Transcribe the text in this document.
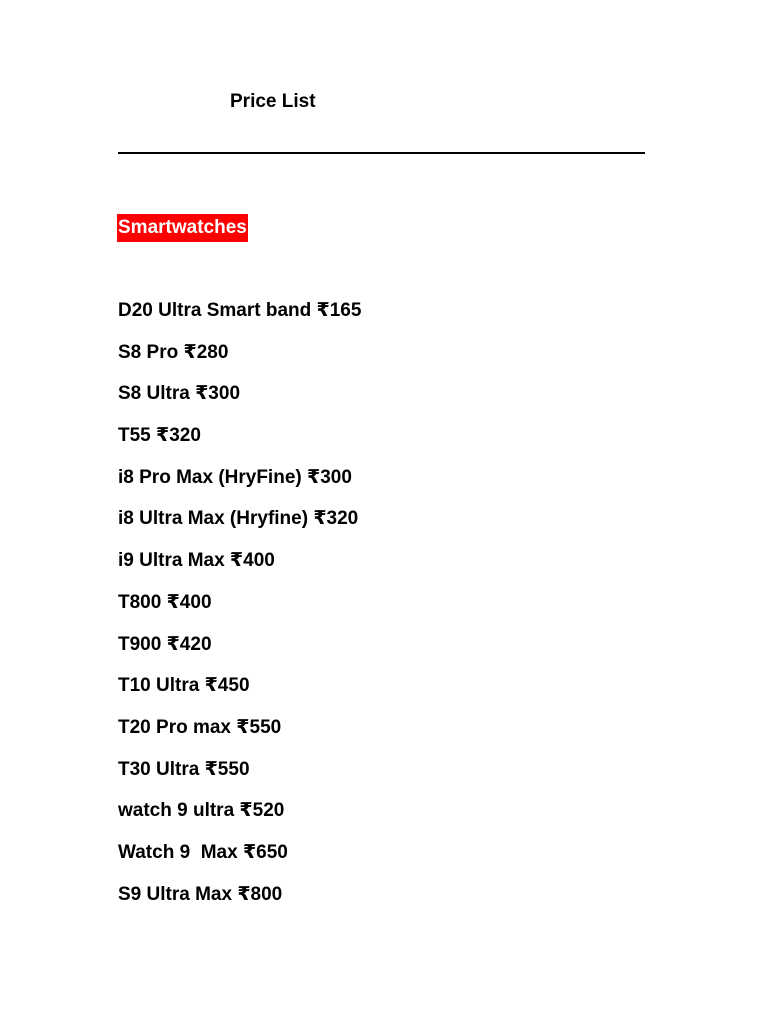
Price List
Smartwatches
D20 Ultra Smart band ₹165
S8 Pro ₹280
S8 Ultra ₹300
T55 ₹320
i8 Pro Max (HryFine) ₹300
i8 Ultra Max (Hryfine) ₹320
i9 Ultra Max ₹400
T800 ₹400
T900 ₹420
T10 Ultra ₹450
T20 Pro max ₹550
T30 Ultra ₹550
watch 9 ultra ₹520
Watch 9  Max ₹650
S9 Ultra Max ₹800
